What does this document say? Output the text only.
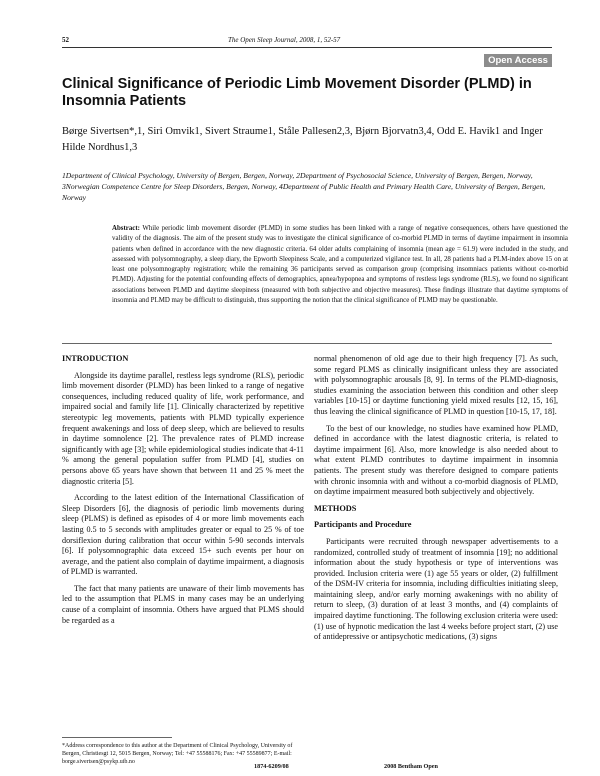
52	The Open Sleep Journal, 2008, 1, 52-57
Open Access
Clinical Significance of Periodic Limb Movement Disorder (PLMD) in Insomnia Patients

Børge Sivertsen*,1, Siri Omvik1, Sivert Straume1, Ståle Pallesen2,3, Bjørn Bjorvatn3,4, Odd E. Havik1 and Inger Hilde Nordhus1,3

1Department of Clinical Psychology, University of Bergen, Bergen, Norway, 2Department of Psychosocial Science, University of Bergen, Bergen, Norway, 3Norwegian Competence Centre for Sleep Disorders, Bergen, Norway, 4Department of Public Health and Primary Health Care, University of Bergen, Bergen, Norway

Abstract: While periodic limb movement disorder (PLMD) in some studies has been linked with a range of negative consequences, others have questioned the validity of the diagnosis. The aim of the present study was to investigate the clinical significance of co-morbid PLMD in terms of daytime impairment in insomnia patients when defined in accordance with the new diagnostic criteria. 64 older adults complaining of insomnia (mean age = 61.9) were included in the study, and assessed with polysomnography, a sleep diary, the Epworth Sleepiness Scale, and a computerized vigilance test. In all, 28 patients had a PLM-index above 15 on at least one polysomnography registration; while the remaining 36 participants served as comparison group (comprising insomniacs patients without co-morbid PLMD). Adjusting for the potential confounding effects of demographics, apnea/hypopnea and symptoms of restless legs syndrome (RLS), we found no significant associations between PLMD and daytime sleepiness (measured with both subjective and objective measures). These findings illustrate that daytime symptoms of insomnia and PLMD may be difficult to distinguish, thus supporting the notion that the clinical significance of PLMD may be questionable.

INTRODUCTION

Alongside its daytime parallel, restless legs syndrome (RLS), periodic limb movement disorder (PLMD) has been linked to a range of negative consequences, including reduced quality of life, work performance, and impaired social and family life [1]. Clinically characterized by repetitive stereotypic leg movements, patients with PLMD typically experience frequent awakenings and loss of deep sleep, which are believed to results in daytime somnolence [2]. The prevalence rates of PLMD increase significantly with age [3]; while epidemiological studies indicate that 4-11 % among the general population suffer from PLMD [4], studies on persons above 65 years have shown that between 11 and 25 % meet the diagnostic criteria [5].

According to the latest edition of the International Classification of Sleep Disorders [6], the diagnosis of periodic limb movements during sleep (PLMS) is defined as episodes of 4 or more limb movements each lasting 0.5 to 5 seconds with amplitudes greater or equal to 25 % of toe dorsiflexion during calibration that occur within 5-90 seconds intervals [6]. If polysomnographic data exceed 15+ such events per hour on average, and the patient also complain of daytime impairment, a diagnosis of PLMD is warranted.

The fact that many patients are unaware of their limb movements has led to the assumption that PLMS in many cases may be an underlying cause of a complaint of insomnia. Others have argued that PLMS should be regarded as a

normal phenomenon of old age due to their high frequency [7]. As such, some regard PLMS as clinically insignificant unless they are associated with polysomnographic arousals [8, 9]. In terms of the PLMD-diagnosis, studies examining the association between this condition and other sleep variables [10-15] or daytime functioning yield mixed results [12, 15, 16], thus leaving the clinical significance of PLMD in question [10-15, 17, 18].

To the best of our knowledge, no studies have examined how PLMD, defined in accordance with the latest diagnostic criteria, is related to daytime impairment [6]. Also, more knowledge is also needed about to what extent PLMD contributes to daytime impairment in insomnia patients. The present study was therefore designed to compare patients with chronic insomnia with and without a co-morbid diagnosis of PLMD, on daytime impairment measured both subjectively and objectively.

METHODS
Participants and Procedure

Participants were recruited through newspaper advertisements to a randomized, controlled study of treatment of insomnia [19]; no additional information about the study hypothesis or type of interventions was provided. Inclusion criteria were (1) age 55 years or older, (2) fulfillment of the DSM-IV criteria for insomnia, including difficulties initiating sleep, maintaining sleep, and/or early morning awakenings with no ability of return to sleep, (3) duration of at least 3 months, and (4) complaints of impaired daytime functioning. The following exclusion criteria were used: (1) use of hypnotic medication the last 4 weeks before project start, (2) use of antidepressive or antipsychotic medications, (3) signs

*Address correspondence to this author at the Department of Clinical Psychology, University of Bergen, Christiesgt 12, 5015 Bergen, Norway; Tel: +47 55588176; Fax: +47 55589877; E-mail: borge.sivertsen@psykp.uib.no

1874-6209/08	2008 Bentham Open
